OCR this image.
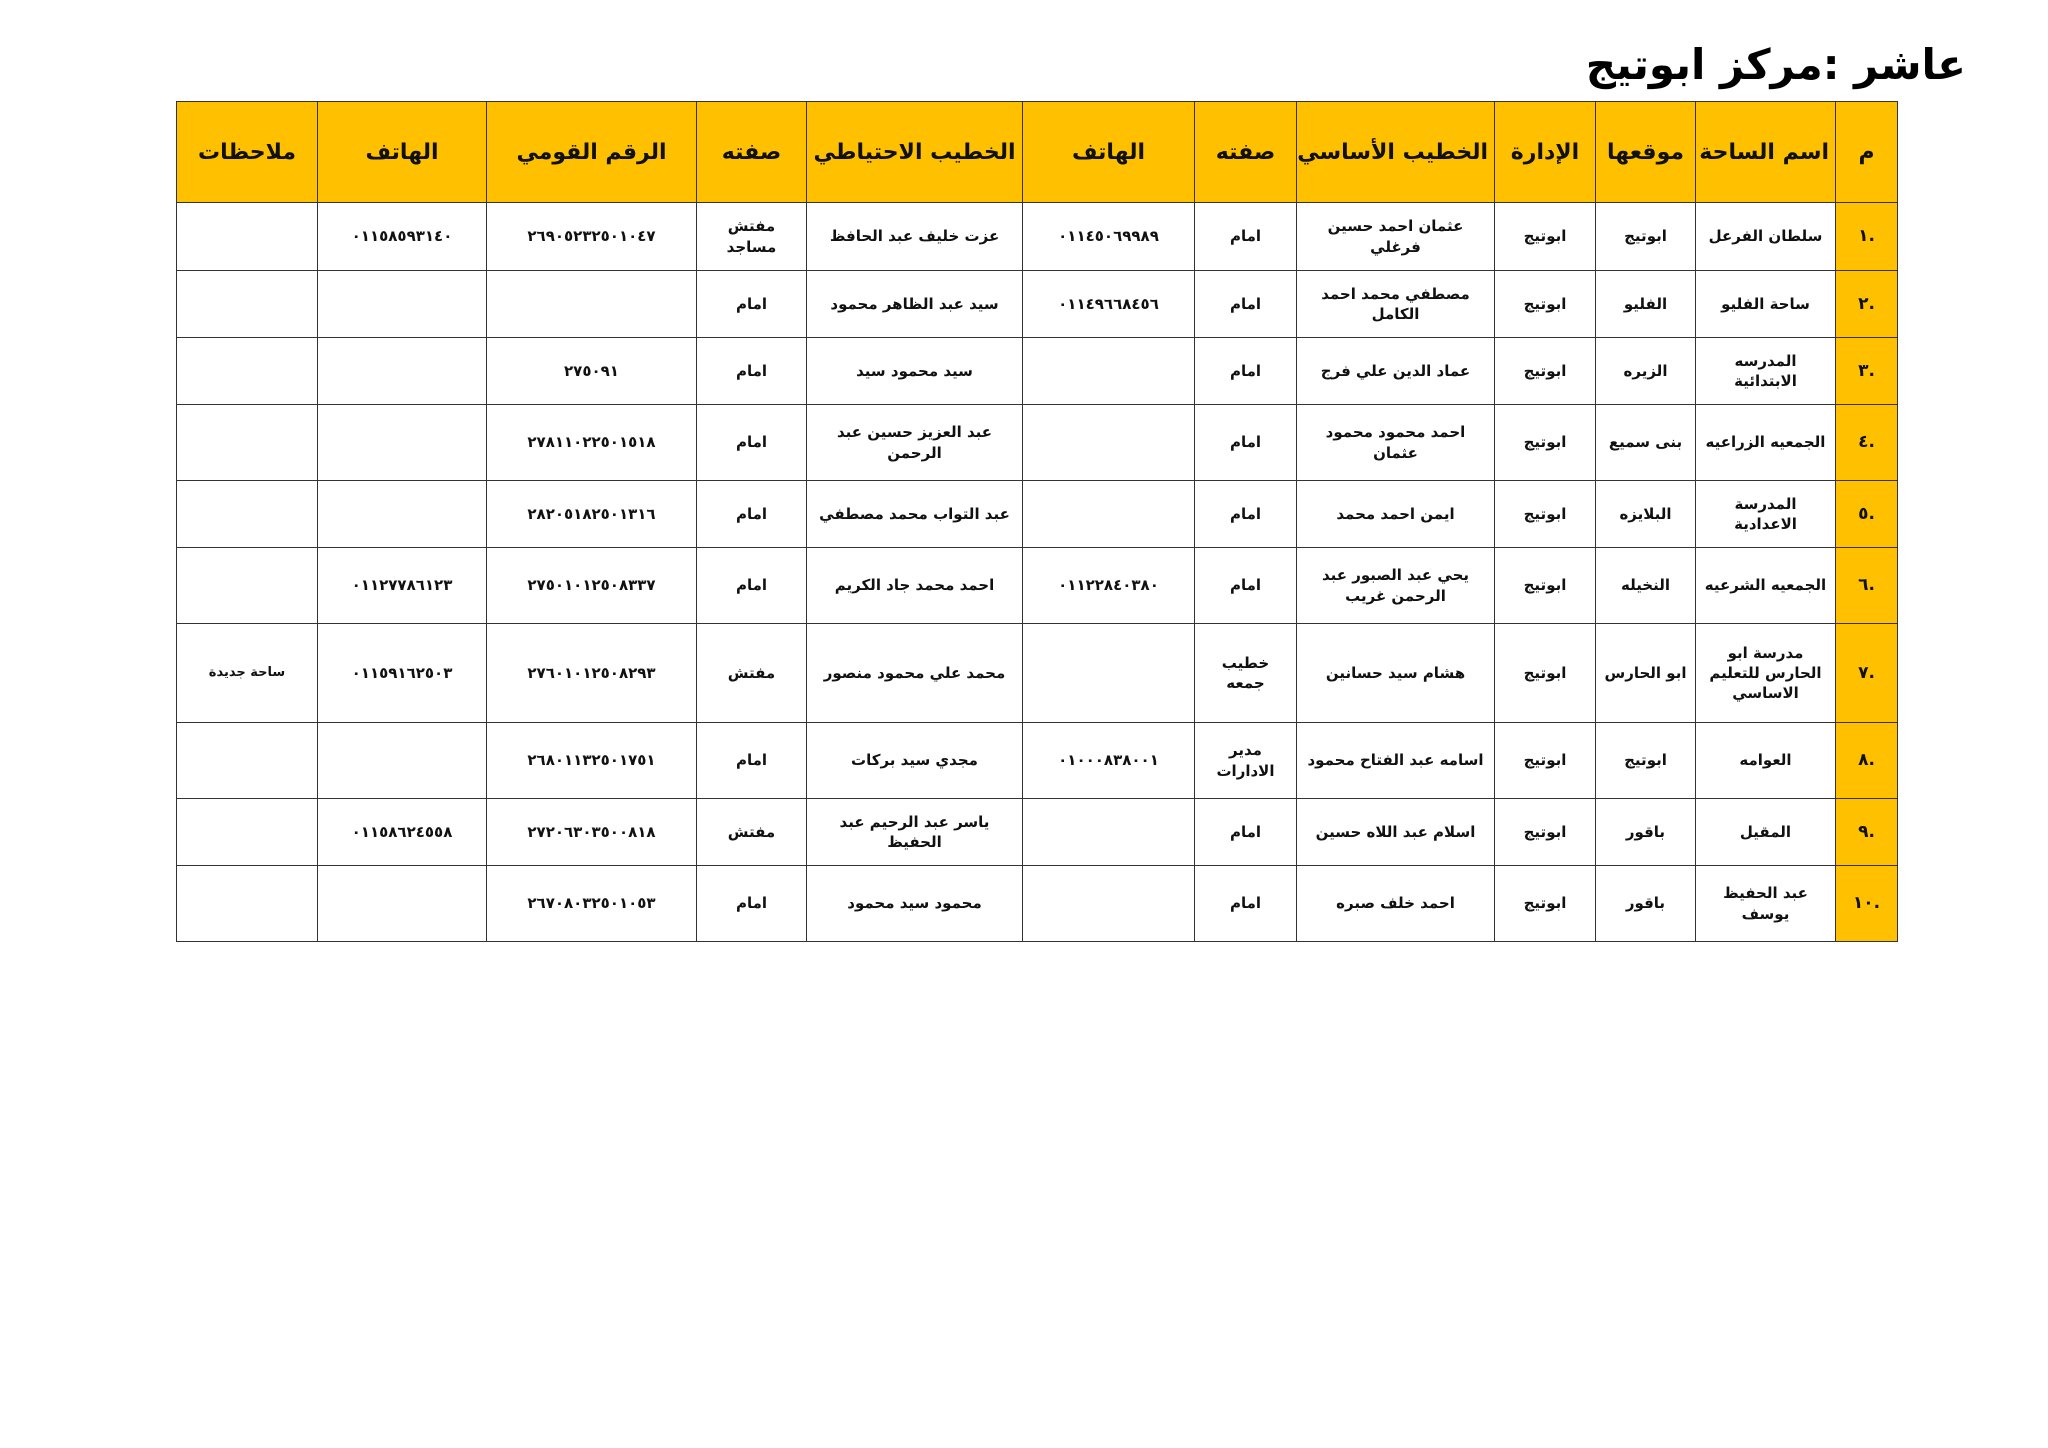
عاشر :مركز ابوتيج
م	اسم الساحة	موقعها	الإدارة	الخطيب الأساسي	صفته	الهاتف	الخطيب الاحتياطي	صفته	الرقم القومي	الهاتف	ملاحظات
.١	سلطان الفرعل	ابوتيج	ابوتيج	عثمان احمد حسين فرغلي	امام	٠١١٤٥٠٦٩٩٨٩	عزت خليف عبد الحافظ	مفتش مساجد	٢٦٩٠٥٢٣٢٥٠١٠٤٧	٠١١٥٨٥٩٣١٤٠	
.٢	ساحة الفليو	الفليو	ابوتيج	مصطفي محمد احمد الكامل	امام	٠١١٤٩٦٦٨٤٥٦	سيد عبد الظاهر محمود	امام			
.٣	المدرسه الابتدائية	الزيره	ابوتيج	عماد الدين علي فرج	امام		سيد محمود سيد	امام	٢٧٥٠٩١		
.٤	الجمعيه الزراعيه	بنى سميع	ابوتيج	احمد محمود محمود عثمان	امام		عبد العزيز حسين عبد الرحمن	امام	٢٧٨١١٠٢٢٥٠١٥١٨		
.٥	المدرسة الاعدادية	البلايزه	ابوتيج	ايمن احمد محمد	امام		عبد التواب محمد مصطفي	امام	٢٨٢٠٥١٨٢٥٠١٣١٦		
.٦	الجمعيه الشرعيه	النخيله	ابوتيج	يحي عبد الصبور عبد الرحمن غريب	امام	٠١١٢٢٨٤٠٣٨٠	احمد محمد جاد الكريم	امام	٢٧٥٠١٠١٢٥٠٨٣٣٧	٠١١٢٧٧٨٦١٢٣	
.٧	مدرسة ابو الحارس للتعليم الاساسي	ابو الحارس	ابوتيج	هشام سيد حسانين	خطيب جمعه		محمد علي محمود منصور	مفتش	٢٧٦٠١٠١٢٥٠٨٢٩٣	٠١١٥٩١٦٢٥٠٣	ساحة جديدة
.٨	العوامه	ابوتيج	ابوتيج	اسامه عبد الفتاح محمود	مدير الادارات	٠١٠٠٠٨٣٨٠٠١	مجدي سيد بركات	امام	٢٦٨٠١١٣٢٥٠١٧٥١		
.٩	المقيل	باقور	ابوتيج	اسلام عبد اللاه حسين	امام		ياسر عبد الرحيم عبد الحفيظ	مفتش	٢٧٢٠٦٣٠٣٥٠٠٨١٨	٠١١٥٨٦٢٤٥٥٨	
.١٠	عبد الحفيظ يوسف	باقور	ابوتيج	احمد خلف صبره	امام		محمود سيد محمود	امام	٢٦٧٠٨٠٣٢٥٠١٠٥٣		
